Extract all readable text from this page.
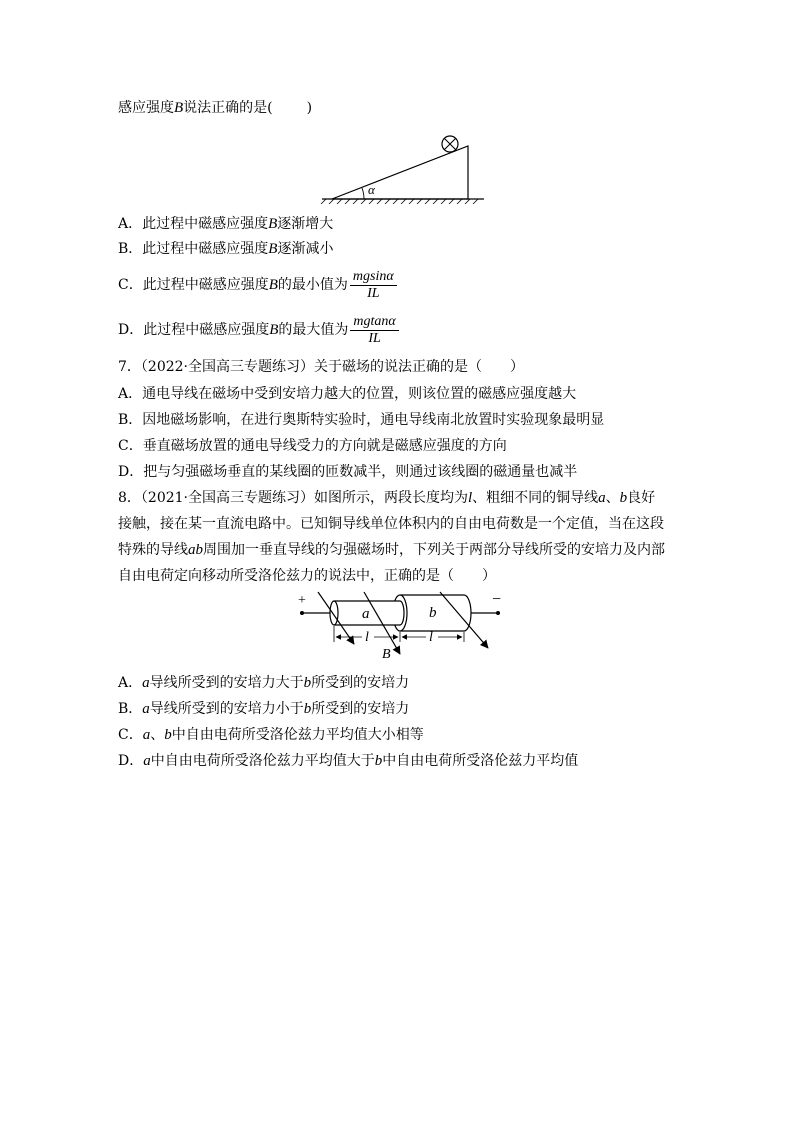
感应强度B说法正确的是( )
α
A．此过程中磁感应强度B逐渐增大
B．此过程中磁感应强度B逐渐减小
C．此过程中磁感应强度B的最小值为 $\frac{mgsin\alpha}{IL}$
D．此过程中磁感应强度B的最大值为 $\frac{mgtan\alpha}{IL}$
7．（2022·全国高三专题练习）关于磁场的说法正确的是（　　）
A．通电导线在磁场中受到安培力越大的位置，则该位置的磁感应强度越大
B．因地磁场影响，在进行奥斯特实验时，通电导线南北放置时实验现象最明显
C．垂直磁场放置的通电导线受力的方向就是磁感应强度的方向
D．把与匀强磁场垂直的某线圈的匝数减半，则通过该线圈的磁通量也减半
8．（2021·全国高三专题练习）如图所示，两段长度均为l、粗细不同的铜导线a、b良好
接触，接在某一直流电路中。已知铜导线单位体积内的自由电荷数是一个定值，当在这段
特殊的导线ab周围加一垂直导线的匀强磁场时，下列关于两部分导线所受的安培力及内部
自由电荷定向移动所受洛伦兹力的说法中，正确的是（　　）
+	−
a	b
l	l
B
A．a导线所受到的安培力大于b所受到的安培力
B．a导线所受到的安培力小于b所受到的安培力
C．a、b中自由电荷所受洛伦兹力平均值大小相等
D．a中自由电荷所受洛伦兹力平均值大于b中自由电荷所受洛伦兹力平均值
